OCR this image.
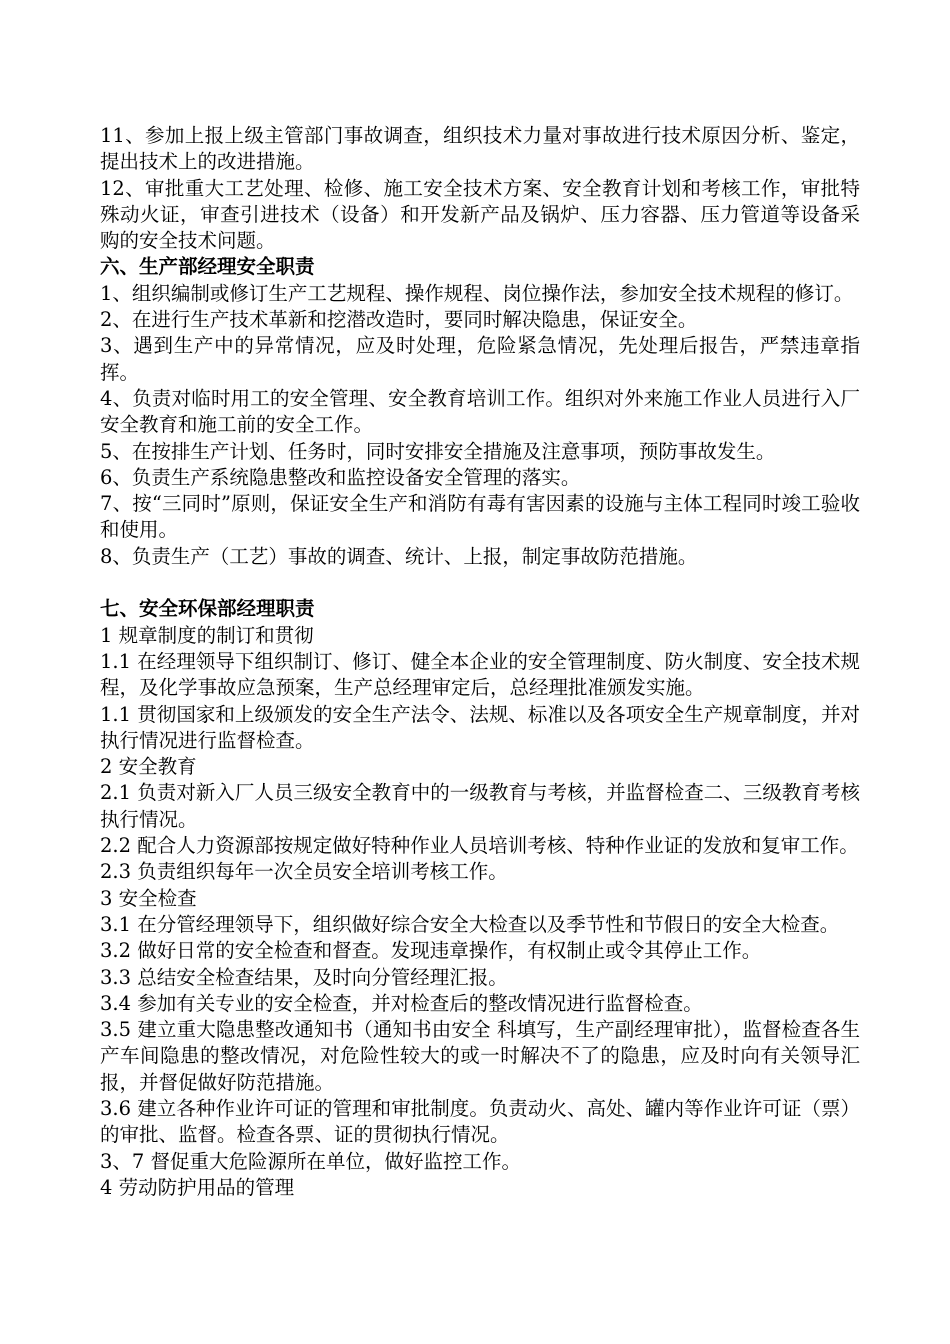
11、参加上报上级主管部门事故调查，组织技术力量对事故进行技术原因分析、鉴定，提出技术上的改进措施。

12、审批重大工艺处理、检修、施工安全技术方案、安全教育计划和考核工作，审批特殊动火证，审查引进技术（设备）和开发新产品及锅炉、压力容器、压力管道等设备采购的安全技术问题。

六、生产部经理安全职责

1、组织编制或修订生产工艺规程、操作规程、岗位操作法，参加安全技术规程的修订。

2、在进行生产技术革新和挖潜改造时，要同时解决隐患，保证安全。

3、遇到生产中的异常情况，应及时处理，危险紧急情况，先处理后报告，严禁违章指挥。

4、负责对临时用工的安全管理、安全教育培训工作。组织对外来施工作业人员进行入厂安全教育和施工前的安全工作。

5、在按排生产计划、任务时，同时安排安全措施及注意事项，预防事故发生。

6、负责生产系统隐患整改和监控设备安全管理的落实。

7、按“三同时”原则，保证安全生产和消防有毒有害因素的设施与主体工程同时竣工验收和使用。

8、负责生产（工艺）事故的调查、统计、上报，制定事故防范措施。

七、安全环保部经理职责

1 规章制度的制订和贯彻

1.1 在经理领导下组织制订、修订、健全本企业的安全管理制度、防火制度、安全技术规程，及化学事故应急预案，生产总经理审定后，总经理批准颁发实施。

1.1 贯彻国家和上级颁发的安全生产法令、法规、标准以及各项安全生产规章制度，并对执行情况进行监督检查。

2 安全教育

2.1 负责对新入厂人员三级安全教育中的一级教育与考核，并监督检查二、三级教育考核执行情况。

2.2 配合人力资源部按规定做好特种作业人员培训考核、特种作业证的发放和复审工作。

2.3 负责组织每年一次全员安全培训考核工作。

3 安全检查

3.1 在分管经理领导下，组织做好综合安全大检查以及季节性和节假日的安全大检查。

3.2 做好日常的安全检查和督查。发现违章操作，有权制止或令其停止工作。

3.3 总结安全检查结果，及时向分管经理汇报。

3.4 参加有关专业的安全检查，并对检查后的整改情况进行监督检查。

3.5 建立重大隐患整改通知书（通知书由安全 科填写，生产副经理审批），监督检查各生产车间隐患的整改情况，对危险性较大的或一时解决不了的隐患，应及时向有关领导汇报，并督促做好防范措施。

3.6 建立各种作业许可证的管理和审批制度。负责动火、高处、罐内等作业许可证（票）的审批、监督。检查各票、证的贯彻执行情况。

3、7 督促重大危险源所在单位，做好监控工作。

4 劳动防护用品的管理
